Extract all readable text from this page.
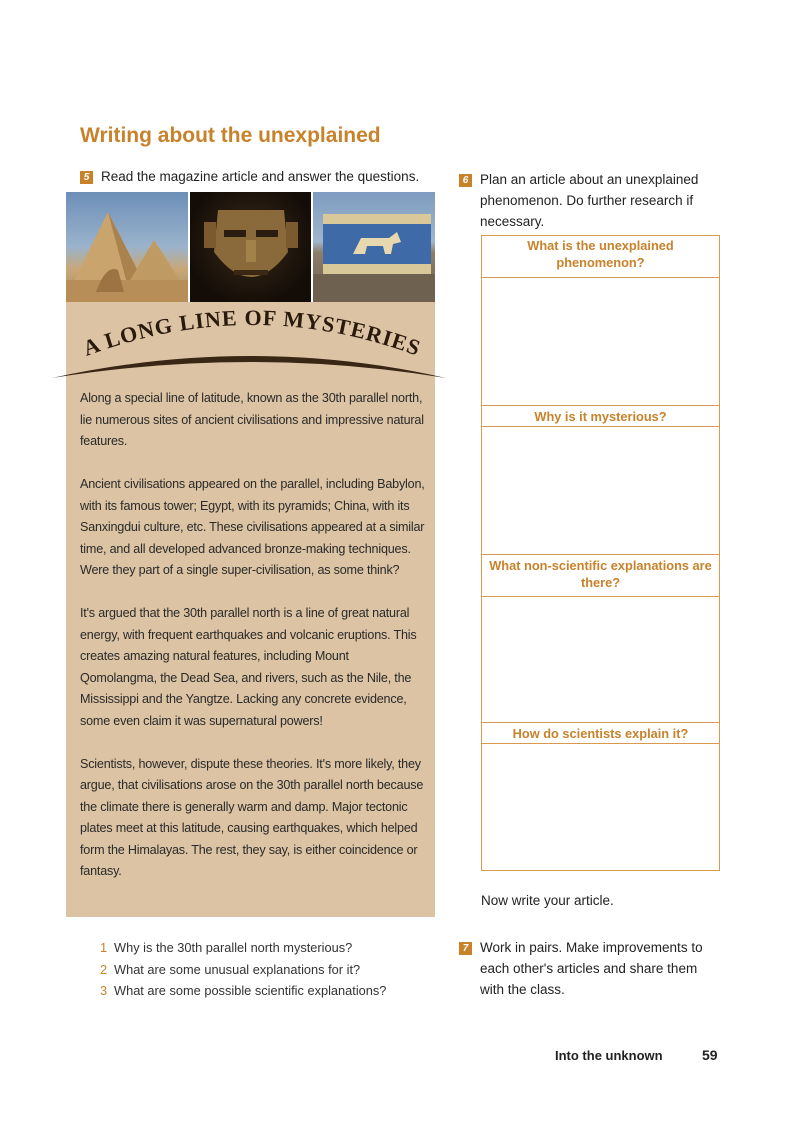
Writing about the unexplained
5 Read the magazine article and answer the questions.
A LONG LINE OF MYSTERIES

Along a special line of latitude, known as the 30th parallel north, lie numerous sites of ancient civilisations and impressive natural features.

Ancient civilisations appeared on the parallel, including Babylon, with its famous tower; Egypt, with its pyramids; China, with its Sanxingdui culture, etc. These civilisations appeared at a similar time, and all developed advanced bronze-making techniques. Were they part of a single super-civilisation, as some think?

It's argued that the 30th parallel north is a line of great natural energy, with frequent earthquakes and volcanic eruptions. This creates amazing natural features, including Mount Qomolangma, the Dead Sea, and rivers, such as the Nile, the Mississippi and the Yangtze. Lacking any concrete evidence, some even claim it was supernatural powers!

Scientists, however, dispute these theories. It's more likely, they argue, that civilisations arose on the 30th parallel north because the climate there is generally warm and damp. Major tectonic plates meet at this latitude, causing earthquakes, which helped form the Himalayas. The rest, they say, is either coincidence or fantasy.

1 Why is the 30th parallel north mysterious?
2 What are some unusual explanations for it?
3 What are some possible scientific explanations?
6 Plan an article about an unexplained phenomenon. Do further research if necessary.
What is the unexplained phenomenon?
Why is it mysterious?
What non-scientific explanations are there?
How do scientists explain it?
Now write your article.
7 Work in pairs. Make improvements to each other's articles and share them with the class.
Into the unknown	59
